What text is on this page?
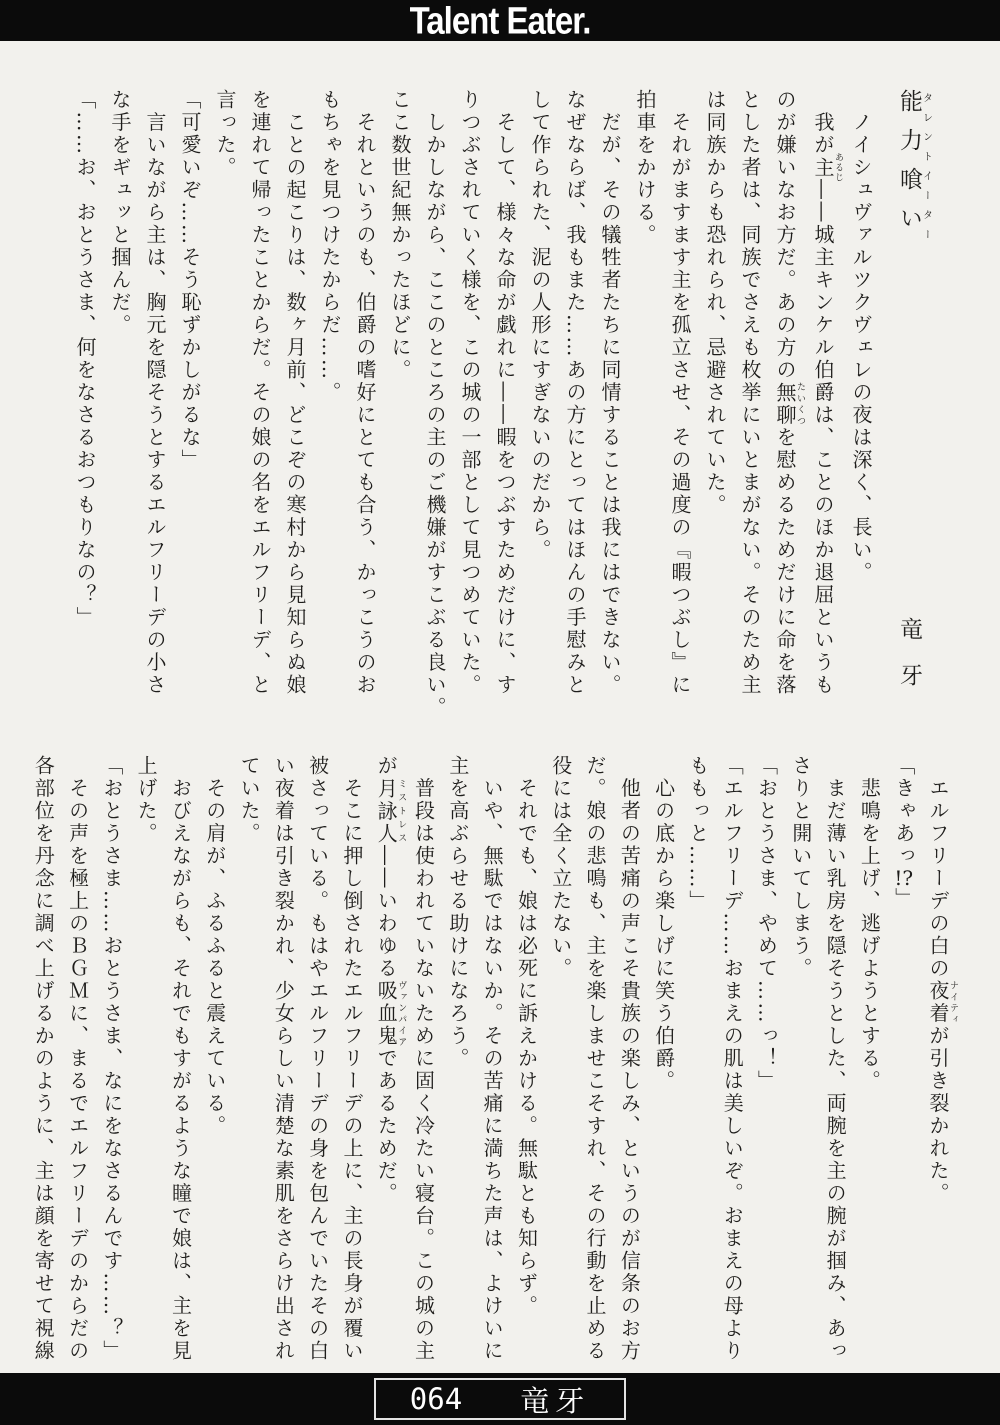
Talent Eater.
能力喰いタレントイーター竜　牙
　ノイシュヴァルツクヴェレの夜は深く、長い。
　我が主あるじ――城主キンケル伯爵は、ことのほか退屈というも
のが嫌いなお方だ。あの方の無聊たいくつを慰めるためだけに命を落
とした者は、同族でさえも枚挙にいとまがない。そのため主
は同族からも恐れられ、忌避されていた。
　それがますます主を孤立させ、その過度の『暇つぶし』に
拍車をかける。
　だが、その犠牲者たちに同情することは我にはできない。
なぜならば、我もまた……あの方にとってはほんの手慰みと
して作られた、泥の人形にすぎないのだから。
　そして、様々な命が戯れに――暇をつぶすためだけに、す
りつぶされていく様を、この城の一部として見つめていた。
　しかしながら、ここのところの主のご機嫌がすこぶる良い。
ここ数世紀無かったほどに。
　それというのも、伯爵の嗜好にとても合う、かっこうのお
もちゃを見つけたからだ……。
　ことの起こりは、数ヶ月前、どこぞの寒村から見知らぬ娘
を連れて帰ったことからだ。その娘の名をエルフリーデ、と
言った。
「可愛いぞ……そう恥ずかしがるな」
　言いながら主は、胸元を隠そうとするエルフリーデの小さ
な手をギュッと掴んだ。
「……お、おとうさま、何をなさるおつもりなの？」
　エルフリーデの白の夜着ナイティが引き裂かれた。
「きゃあっ!?」
　悲鳴を上げ、逃げようとする。
　まだ薄い乳房を隠そうとした、両腕を主の腕が掴み、あっ
さりと開いてしまう。
「おとうさま、やめて……っ！」
「エルフリーデ……おまえの肌は美しいぞ。おまえの母より
ももっと……」
　心の底から楽しげに笑う伯爵。
　他者の苦痛の声こそ貴族の楽しみ、というのが信条のお方
だ。娘の悲鳴も、主を楽しませこそすれ、その行動を止める
役には全く立たない。
　それでも、娘は必死に訴えかける。無駄とも知らず。
　いや、無駄ではないか。その苦痛に満ちた声は、よけいに
主を高ぶらせる助けになろう。
　普段は使われていないために固く冷たい寝台。この城の主
が月詠人ミストレス――いわゆる吸血鬼ヴァンパイアであるためだ。
　そこに押し倒されたエルフリーデの上に、主の長身が覆い
被さっている。もはやエルフリーデの身を包んでいたその白
い夜着は引き裂かれ、少女らしい清楚な素肌をさらけ出され
ていた。
　その肩が、ふるふると震えている。
　おびえながらも、それでもすがるような瞳で娘は、主を見
上げた。
「おとうさま……おとうさま、なにをなさるんです……？」
　その声を極上のＢＧＭに、まるでエルフリーデのからだの
各部位を丹念に調べ上げるかのように、主は顔を寄せて視線
064 竜牙
